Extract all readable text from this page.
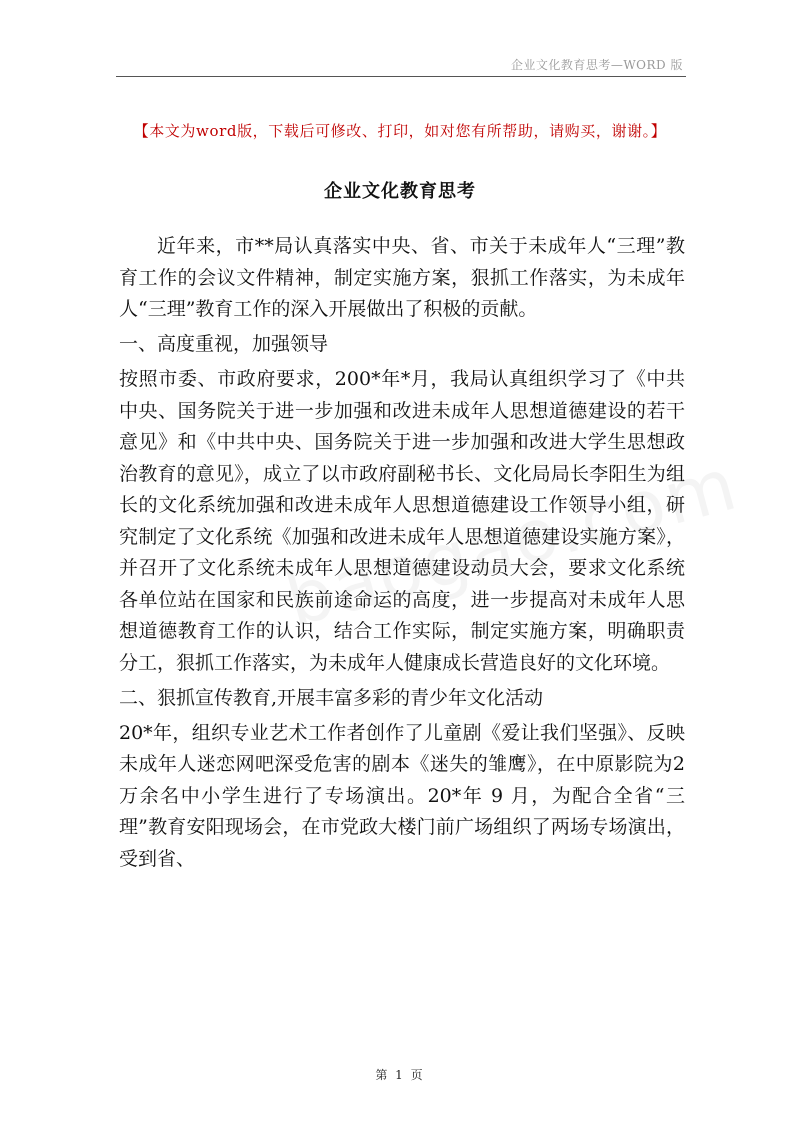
企业文化教育思考—WORD 版
【本文为word版，下载后可修改、打印，如对您有所帮助，请购买，谢谢。】
企业文化教育思考

近年来，市**局认真落实中央、省、市关于未成年人“三理”教育工作的会议文件精神，制定实施方案，狠抓工作落实，为未成年人“三理”教育工作的深入开展做出了积极的贡献。

一、高度重视，加强领导

按照市委、市政府要求，200*年*月，我局认真组织学习了《中共中央、国务院关于进一步加强和改进未成年人思想道德建设的若干意见》和《中共中央、国务院关于进一步加强和改进大学生思想政治教育的意见》，成立了以市政府副秘书长、文化局局长李阳生为组长的文化系统加强和改进未成年人思想道德建设工作领导小组，研究制定了文化系统《加强和改进未成年人思想道德建设实施方案》，并召开了文化系统未成年人思想道德建设动员大会，要求文化系统各单位站在国家和民族前途命运的高度，进一步提高对未成年人思想道德教育工作的认识，结合工作实际，制定实施方案，明确职责分工，狠抓工作落实，为未成年人健康成长营造良好的文化环境。

二、狠抓宣传教育,开展丰富多彩的青少年文化活动

20*年，组织专业艺术工作者创作了儿童剧《爱让我们坚强》、反映未成年人迷恋网吧深受危害的剧本《迷失的雏鹰》，在中原影院为2万余名中小学生进行了专场演出。20*年 9 月，为配合全省“三理”教育安阳现场会，在市党政大楼门前广场组织了两场专场演出，受到省、

第 1 页
